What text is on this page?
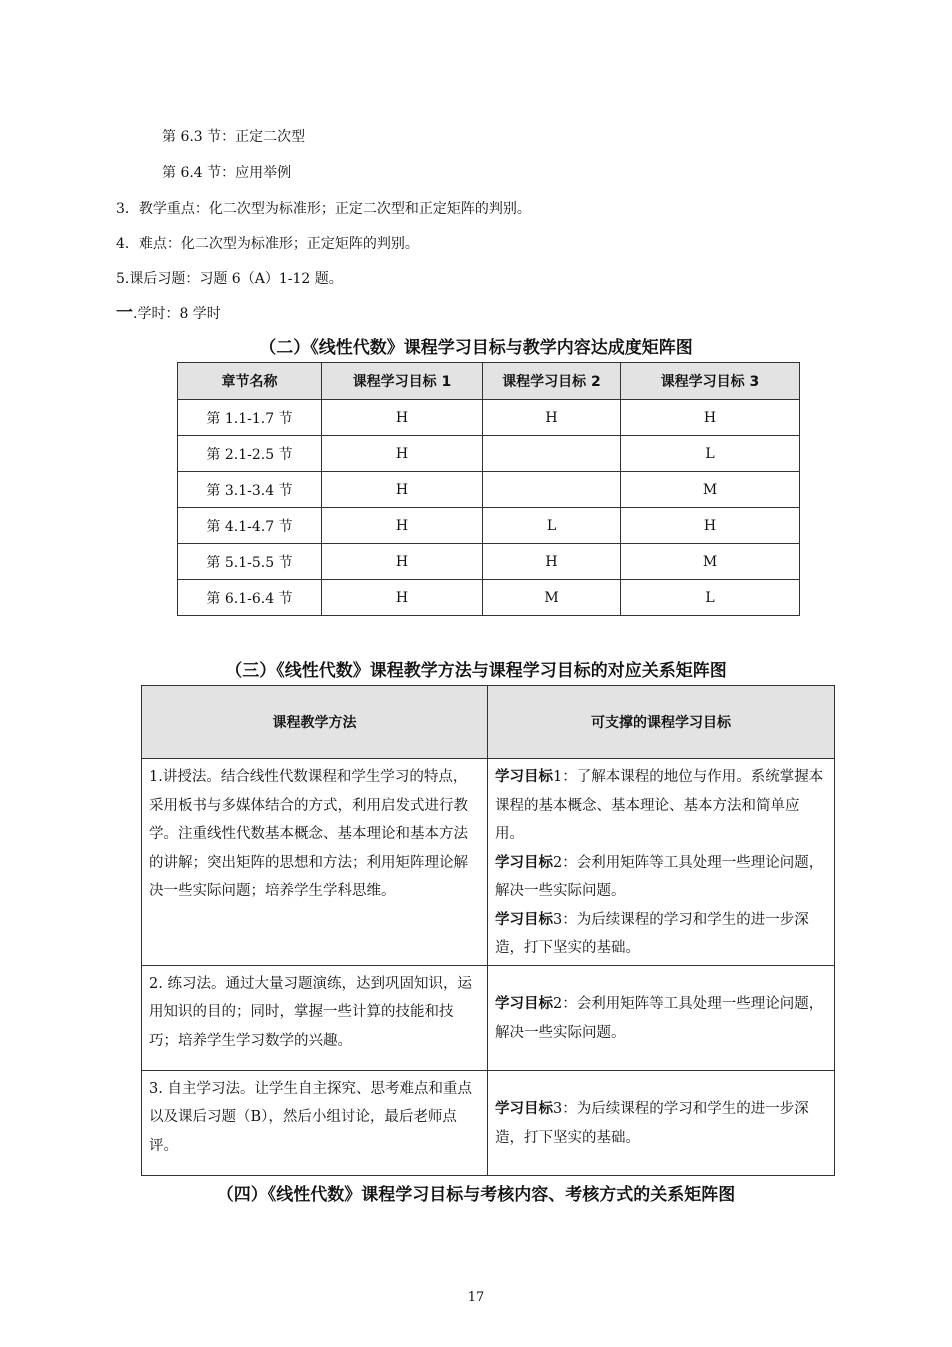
第 6.3 节：正定二次型
第 6.4 节：应用举例
3．教学重点：化二次型为标准形；正定二次型和正定矩阵的判别。
4．难点：化二次型为标准形；正定矩阵的判别。
5.课后习题：习题 6（A）1-12 题。
一.学时：8 学时
（二）《线性代数》课程学习目标与教学内容达成度矩阵图
章节名称	课程学习目标 1	课程学习目标 2	课程学习目标 3
第 1.1-1.7 节	H	H	H
第 2.1-2.5 节	H		L
第 3.1-3.4 节	H		M
第 4.1-4.7 节	H	L	H
第 5.1-5.5 节	H	H	M
第 6.1-6.4 节	H	M	L
（三）《线性代数》课程教学方法与课程学习目标的对应关系矩阵图
课程教学方法	可支撑的课程学习目标
1.讲授法。结合线性代数课程和学生学习的特点，采用板书与多媒体结合的方式，利用启发式进行教学。注重线性代数基本概念、基本理论和基本方法的讲解；突出矩阵的思想和方法；利用矩阵理论解决一些实际问题；培养学生学科思维。	学习目标1：了解本课程的地位与作用。系统掌握本课程的基本概念、基本理论、基本方法和简单应用。
学习目标2：会利用矩阵等工具处理一些理论问题，解决一些实际问题。
学习目标3：为后续课程的学习和学生的进一步深造，打下坚实的基础。

2. 练习法。通过大量习题演练，达到巩固知识，运用知识的目的；同时，掌握一些计算的技能和技巧；培养学生学习数学的兴趣。	学习目标2：会利用矩阵等工具处理一些理论问题，解决一些实际问题。

3. 自主学习法。让学生自主探究、思考难点和重点以及课后习题（B），然后小组讨论，最后老师点评。	学习目标3：为后续课程的学习和学生的进一步深造，打下坚实的基础。
（四）《线性代数》课程学习目标与考核内容、考核方式的关系矩阵图
17
